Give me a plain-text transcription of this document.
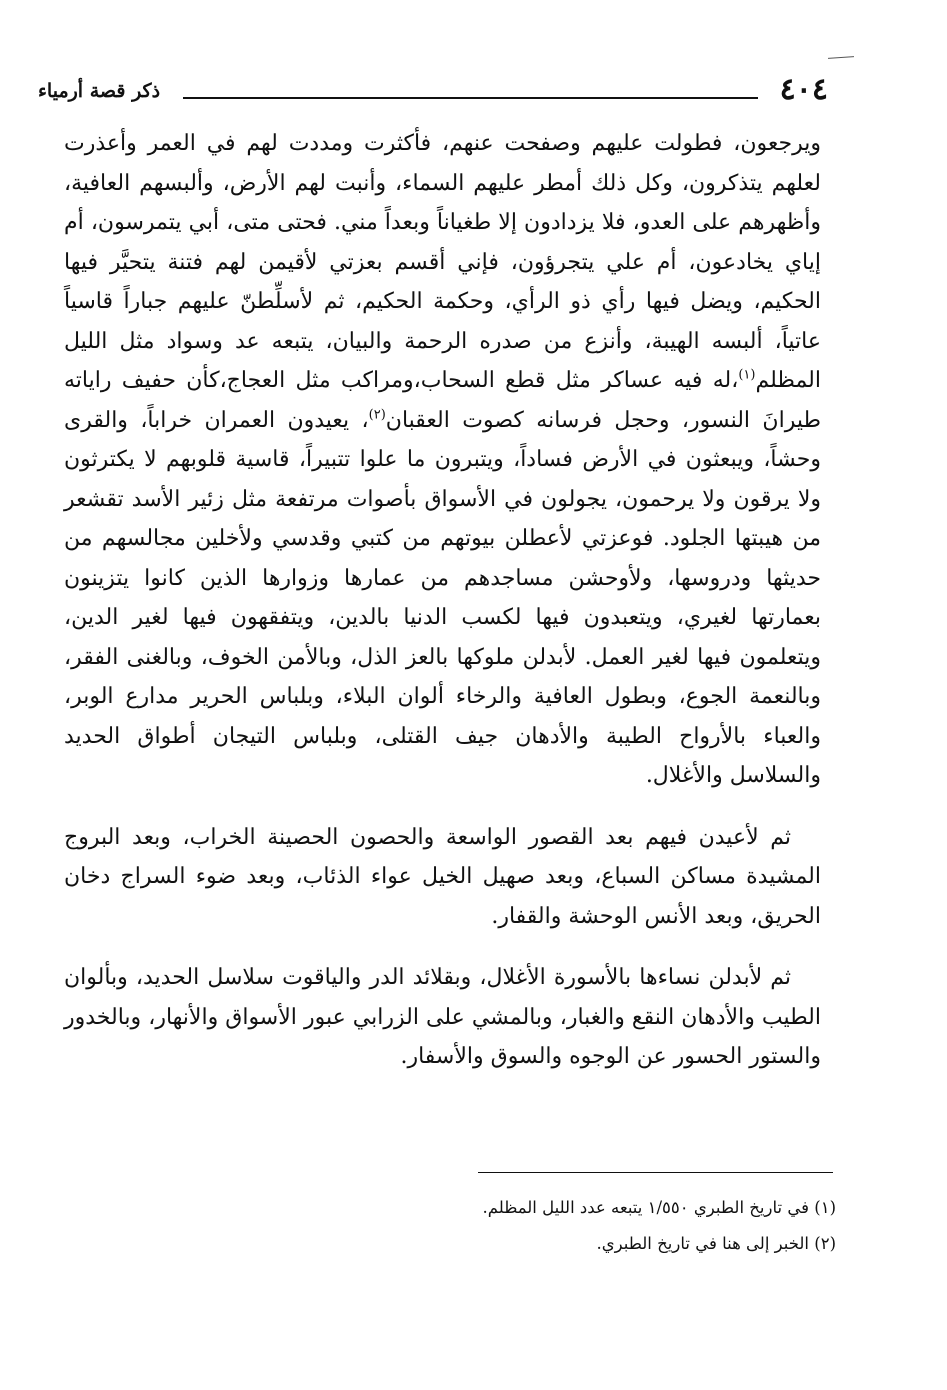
٤٠٤
ذكر قصة أرمياء

ويرجعون، فطولت عليهم وصفحت عنهم، فأكثرت ومددت لهم في العمر وأعذرت لعلهم يتذكرون، وكل ذلك أمطر عليهم السماء، وأنبت لهم الأرض، وألبسهم العافية، وأظهرهم على العدو، فلا يزدادون إلا طغياناً وبعداً مني. فحتى متى، أبي يتمرسون، أم إياي يخادعون، أم علي يتجرؤون، فإني أقسم بعزتي لأقيمن لهم فتنة يتحيَّر فيها الحكيم، ويضل فيها رأي ذو الرأي، وحكمة الحكيم، ثم لأسلِّطنّ عليهم جباراً قاسياً عاتياً، ألبسه الهيبة، وأنزع من صدره الرحمة والبيان، يتبعه عد وسواد مثل الليل المظلم$^{(١)}$،له فيه عساكر مثل قطع السحاب،ومراكب مثل العجاج،كأن حفيف راياته طيرانَ النسور، وحجل فرسانه كصوت العقبان$^{(٢)}$، يعيدون العمران خراباً، والقرى وحشاً، ويبعثون في الأرض فساداً، ويتبرون ما علوا تتبيراً، قاسية قلوبهم لا يكترثون ولا يرقون ولا يرحمون، يجولون في الأسواق بأصوات مرتفعة مثل زئير الأسد تقشعر من هيبتها الجلود. فوعزتي لأعطلن بيوتهم من كتبي وقدسي ولأخلين مجالسهم من حديثها ودروسها، ولأوحشن مساجدهم من عمارها وزوارها الذين كانوا يتزينون بعمارتها لغيري، ويتعبدون فيها لكسب الدنيا بالدين، ويتفقهون فيها لغير الدين، ويتعلمون فيها لغير العمل. لأبدلن ملوكها بالعز الذل، وبالأمن الخوف، وبالغنى الفقر، وبالنعمة الجوع، وبطول العافية والرخاء ألوان البلاء، وبلباس الحرير مدارع الوبر، والعباء بالأرواح الطيبة والأدهان جيف القتلى، وبلباس التيجان أطواق الحديد والسلاسل والأغلال.

ثم لأعيدن فيهم بعد القصور الواسعة والحصون الحصينة الخراب، وبعد البروج المشيدة مساكن السباع، وبعد صهيل الخيل عواء الذئاب، وبعد ضوء السراج دخان الحريق، وبعد الأنس الوحشة والقفار.

ثم لأبدلن نساءها بالأسورة الأغلال، وبقلائد الدر والياقوت سلاسل الحديد، وبألوان الطيب والأدهان النقع والغبار، وبالمشي على الزرابي عبور الأسواق والأنهار، وبالخدور والستور الحسور عن الوجوه والسوق والأسفار.

(١) في تاريخ الطبري ١/٥٥٠ يتبعه عدد الليل المظلم.
(٢) الخبر إلى هنا في تاريخ الطبري.
